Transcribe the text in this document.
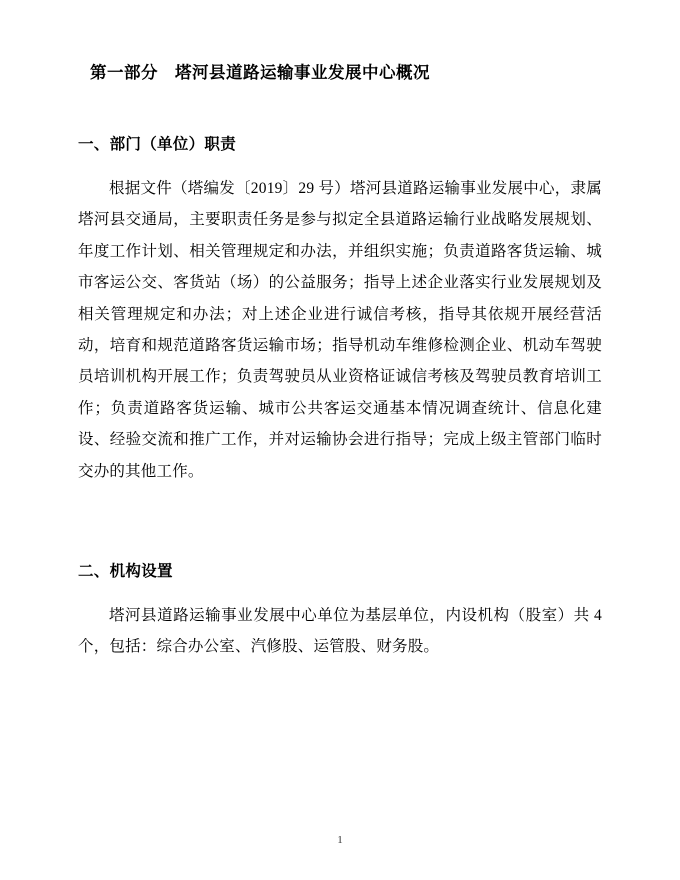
第一部分　塔河县道路运输事业发展中心概况
一、部门（单位）职责
根据文件（塔编发〔2019〕29 号）塔河县道路运输事业发展中心，隶属塔河县交通局，主要职责任务是参与拟定全县道路运输行业战略发展规划、年度工作计划、相关管理规定和办法，并组织实施；负责道路客货运输、城市客运公交、客货站（场）的公益服务；指导上述企业落实行业发展规划及相关管理规定和办法；对上述企业进行诚信考核，指导其依规开展经营活动，培育和规范道路客货运输市场；指导机动车维修检测企业、机动车驾驶员培训机构开展工作；负责驾驶员从业资格证诚信考核及驾驶员教育培训工作；负责道路客货运输、城市公共客运交通基本情况调查统计、信息化建设、经验交流和推广工作，并对运输协会进行指导；完成上级主管部门临时交办的其他工作。
二、机构设置
塔河县道路运输事业发展中心单位为基层单位，内设机构（股室）共 4 个，包括：综合办公室、汽修股、运管股、财务股。
1
